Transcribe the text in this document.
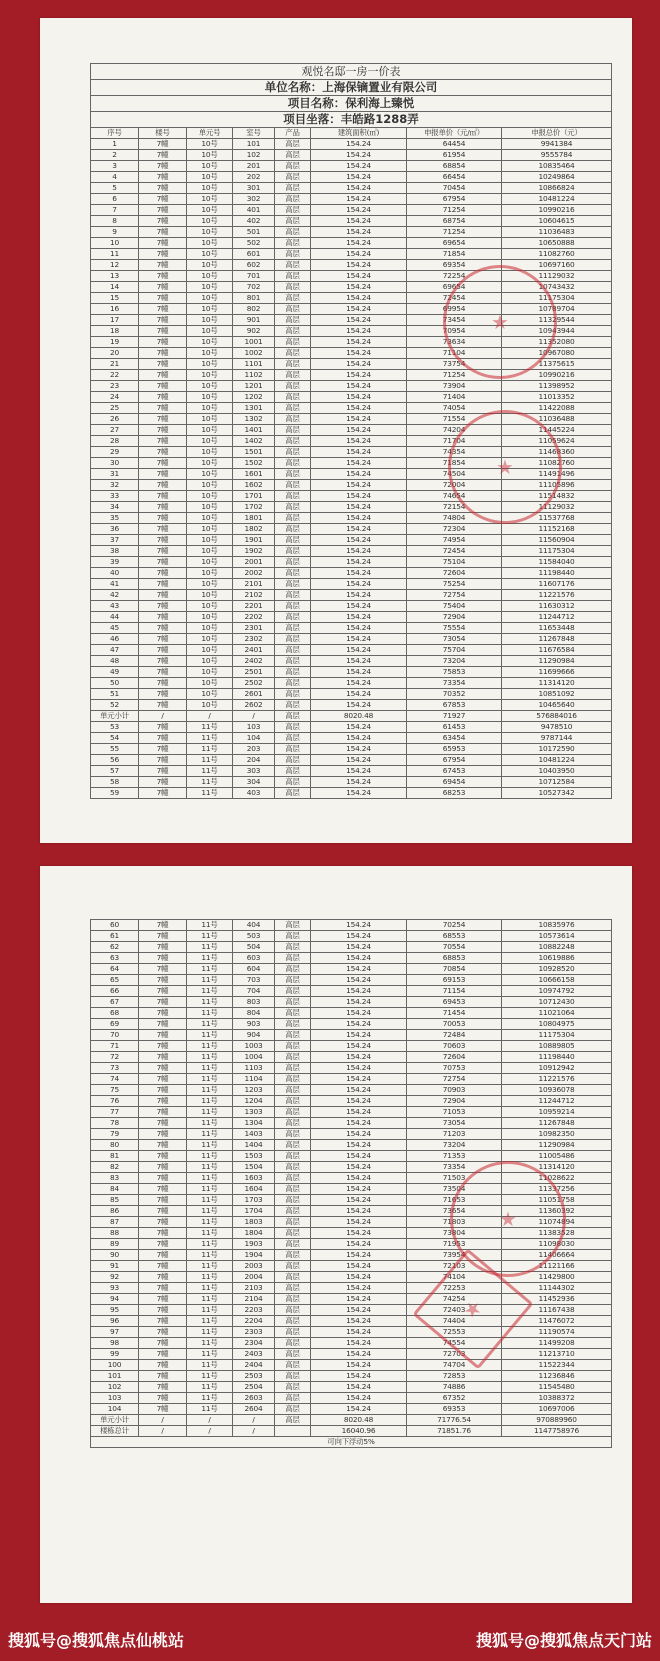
观悦名邸一房一价表							
单位名称：上海保镝置业有限公司							
项目名称：保利海上臻悦							
项目坐落：丰皓路1288弄							
序号	楼号	单元号	室号	产品	建筑面积(㎡)	申报单价（元/㎡）	申报总价（元）
1	7幢	10号	101	高层	154.24	64454	9941384
2	7幢	10号	102	高层	154.24	61954	9555784
3	7幢	10号	201	高层	154.24	68854	10835464
4	7幢	10号	202	高层	154.24	66454	10249864
5	7幢	10号	301	高层	154.24	70454	10866824
6	7幢	10号	302	高层	154.24	67954	10481224
7	7幢	10号	401	高层	154.24	71254	10990216
8	7幢	10号	402	高层	154.24	68754	10604615
9	7幢	10号	501	高层	154.24	71254	11036483
10	7幢	10号	502	高层	154.24	69654	10650888
11	7幢	10号	601	高层	154.24	71854	11082760
12	7幢	10号	602	高层	154.24	69354	10697160
13	7幢	10号	701	高层	154.24	72254	11129032
14	7幢	10号	702	高层	154.24	69654	10743432
15	7幢	10号	801	高层	154.24	72454	11175304
16	7幢	10号	802	高层	154.24	69954	10789704
17	7幢	10号	901	高层	154.24	73454	11329544
18	7幢	10号	902	高层	154.24	70954	10943944
19	7幢	10号	1001	高层	154.24	73634	11352080
20	7幢	10号	1002	高层	154.24	71104	10967080
21	7幢	10号	1101	高层	154.24	73754	11375615
22	7幢	10号	1102	高层	154.24	71254	10990216
23	7幢	10号	1201	高层	154.24	73904	11398952
24	7幢	10号	1202	高层	154.24	71404	11013352
25	7幢	10号	1301	高层	154.24	74054	11422088
26	7幢	10号	1302	高层	154.24	71554	11036488
27	7幢	10号	1401	高层	154.24	74204	11445224
28	7幢	10号	1402	高层	154.24	71704	11059624
29	7幢	10号	1501	高层	154.24	74354	11468360
30	7幢	10号	1502	高层	154.24	71854	11082760
31	7幢	10号	1601	高层	154.24	74504	11491496
32	7幢	10号	1602	高层	154.24	72004	11105896
33	7幢	10号	1701	高层	154.24	74654	11514832
34	7幢	10号	1702	高层	154.24	72154	11129032
35	7幢	10号	1801	高层	154.24	74804	11537768
36	7幢	10号	1802	高层	154.24	72304	11152168
37	7幢	10号	1901	高层	154.24	74954	11560904
38	7幢	10号	1902	高层	154.24	72454	11175304
39	7幢	10号	2001	高层	154.24	75104	11584040
40	7幢	10号	2002	高层	154.24	72604	11198440
41	7幢	10号	2101	高层	154.24	75254	11607176
42	7幢	10号	2102	高层	154.24	72754	11221576
43	7幢	10号	2201	高层	154.24	75404	11630312
44	7幢	10号	2202	高层	154.24	72904	11244712
45	7幢	10号	2301	高层	154.24	75554	11653448
46	7幢	10号	2302	高层	154.24	73054	11267848
47	7幢	10号	2401	高层	154.24	75704	11676584
48	7幢	10号	2402	高层	154.24	73204	11290984
49	7幢	10号	2501	高层	154.24	75853	11699666
50	7幢	10号	2502	高层	154.24	73354	11314120
51	7幢	10号	2601	高层	154.24	70352	10851092
52	7幢	10号	2602	高层	154.24	67853	10465640
单元小计	/	/	/	高层	8020.48	71927	576884016
53	7幢	11号	103	高层	154.24	61453	9478510
54	7幢	11号	104	高层	154.24	63454	9787144
55	7幢	11号	203	高层	154.24	65953	10172590
56	7幢	11号	204	高层	154.24	67954	10481224
57	7幢	11号	303	高层	154.24	67453	10403950
58	7幢	11号	304	高层	154.24	69454	10712584
59	7幢	11号	403	高层	154.24	68253	10527342
★
★
60	7幢	11号	404	高层	154.24	70254	10835976
61	7幢	11号	503	高层	154.24	68553	10573614
62	7幢	11号	504	高层	154.24	70554	10882248
63	7幢	11号	603	高层	154.24	68853	10619886
64	7幢	11号	604	高层	154.24	70854	10928520
65	7幢	11号	703	高层	154.24	69153	10666158
66	7幢	11号	704	高层	154.24	71154	10974792
67	7幢	11号	803	高层	154.24	69453	10712430
68	7幢	11号	804	高层	154.24	71454	11021064
69	7幢	11号	903	高层	154.24	70053	10804975
70	7幢	11号	904	高层	154.24	72484	11175304
71	7幢	11号	1003	高层	154.24	70603	10889805
72	7幢	11号	1004	高层	154.24	72604	11198440
73	7幢	11号	1103	高层	154.24	70753	10912942
74	7幢	11号	1104	高层	154.24	72754	11221576
75	7幢	11号	1203	高层	154.24	70903	10936078
76	7幢	11号	1204	高层	154.24	72904	11244712
77	7幢	11号	1303	高层	154.24	71053	10959214
78	7幢	11号	1304	高层	154.24	73054	11267848
79	7幢	11号	1403	高层	154.24	71203	10982350
80	7幢	11号	1404	高层	154.24	73204	11290984
81	7幢	11号	1503	高层	154.24	71353	11005486
82	7幢	11号	1504	高层	154.24	73354	11314120
83	7幢	11号	1603	高层	154.24	71503	11028622
84	7幢	11号	1604	高层	154.24	73504	11337256
85	7幢	11号	1703	高层	154.24	71653	11051758
86	7幢	11号	1704	高层	154.24	73654	11360392
87	7幢	11号	1803	高层	154.24	71803	11074894
88	7幢	11号	1804	高层	154.24	73804	11383528
89	7幢	11号	1903	高层	154.24	71953	11098030
90	7幢	11号	1904	高层	154.24	73954	11406664
91	7幢	11号	2003	高层	154.24	72103	11121166
92	7幢	11号	2004	高层	154.24	74104	11429800
93	7幢	11号	2103	高层	154.24	72253	11144302
94	7幢	11号	2104	高层	154.24	74254	11452936
95	7幢	11号	2203	高层	154.24	72403	11167438
96	7幢	11号	2204	高层	154.24	74404	11476072
97	7幢	11号	2303	高层	154.24	72553	11190574
98	7幢	11号	2304	高层	154.24	74554	11499208
99	7幢	11号	2403	高层	154.24	72703	11213710
100	7幢	11号	2404	高层	154.24	74704	11522344
101	7幢	11号	2503	高层	154.24	72853	11236846
102	7幢	11号	2504	高层	154.24	74886	11545480
103	7幢	11号	2603	高层	154.24	67352	10388372
104	7幢	11号	2604	高层	154.24	69353	10697006
单元小计	/	/	/	高层	8020.48	71776.54	970889960
楼栋总计	/	/	/		16040.96	71851.76	1147758976
可向下浮动5%							
★
★
搜狐号@搜狐焦点仙桃站	搜狐号@搜狐焦点天门站
